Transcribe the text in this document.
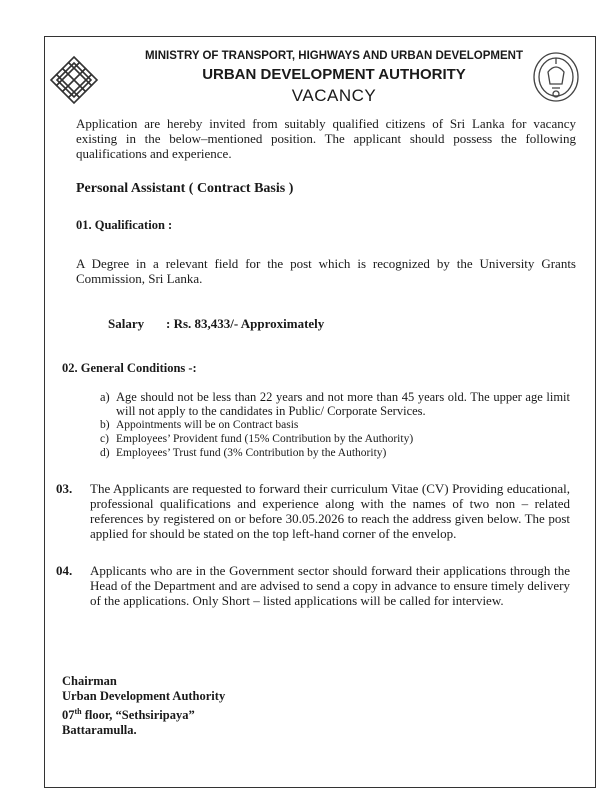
MINISTRY OF TRANSPORT, HIGHWAYS AND URBAN DEVELOPMENT
URBAN DEVELOPMENT AUTHORITY
VACANCY
Application are hereby invited from suitably qualified citizens of Sri Lanka for vacancy existing in the below–mentioned position. The applicant should possess the following qualifications and experience.
Personal Assistant ( Contract Basis )
01. Qualification :
A Degree in a relevant field for the post which is recognized by the University Grants Commission, Sri Lanka.
Salary : Rs. 83,433/- Approximately
02. General Conditions -:
a) Age should not be less than 22 years and not more than 45 years old. The upper age limit will not apply to the candidates in Public/ Corporate Services.
b) Appointments will be on Contract basis
c) Employees’ Provident fund (15% Contribution by the Authority)
d) Employees’ Trust fund (3% Contribution by the Authority)
03. The Applicants are requested to forward their curriculum Vitae (CV) Providing educational, professional qualifications and experience along with the names of two non – related references by registered on or before 30.05.2026 to reach the address given below. The post applied for should be stated on the top left-hand corner of the envelop.
04. Applicants who are in the Government sector should forward their applications through the Head of the Department and are advised to send a copy in advance to ensure timely delivery of the applications. Only Short – listed applications will be called for interview.
Chairman
Urban Development Authority
07th floor, “Sethsiripaya”
Battaramulla.
